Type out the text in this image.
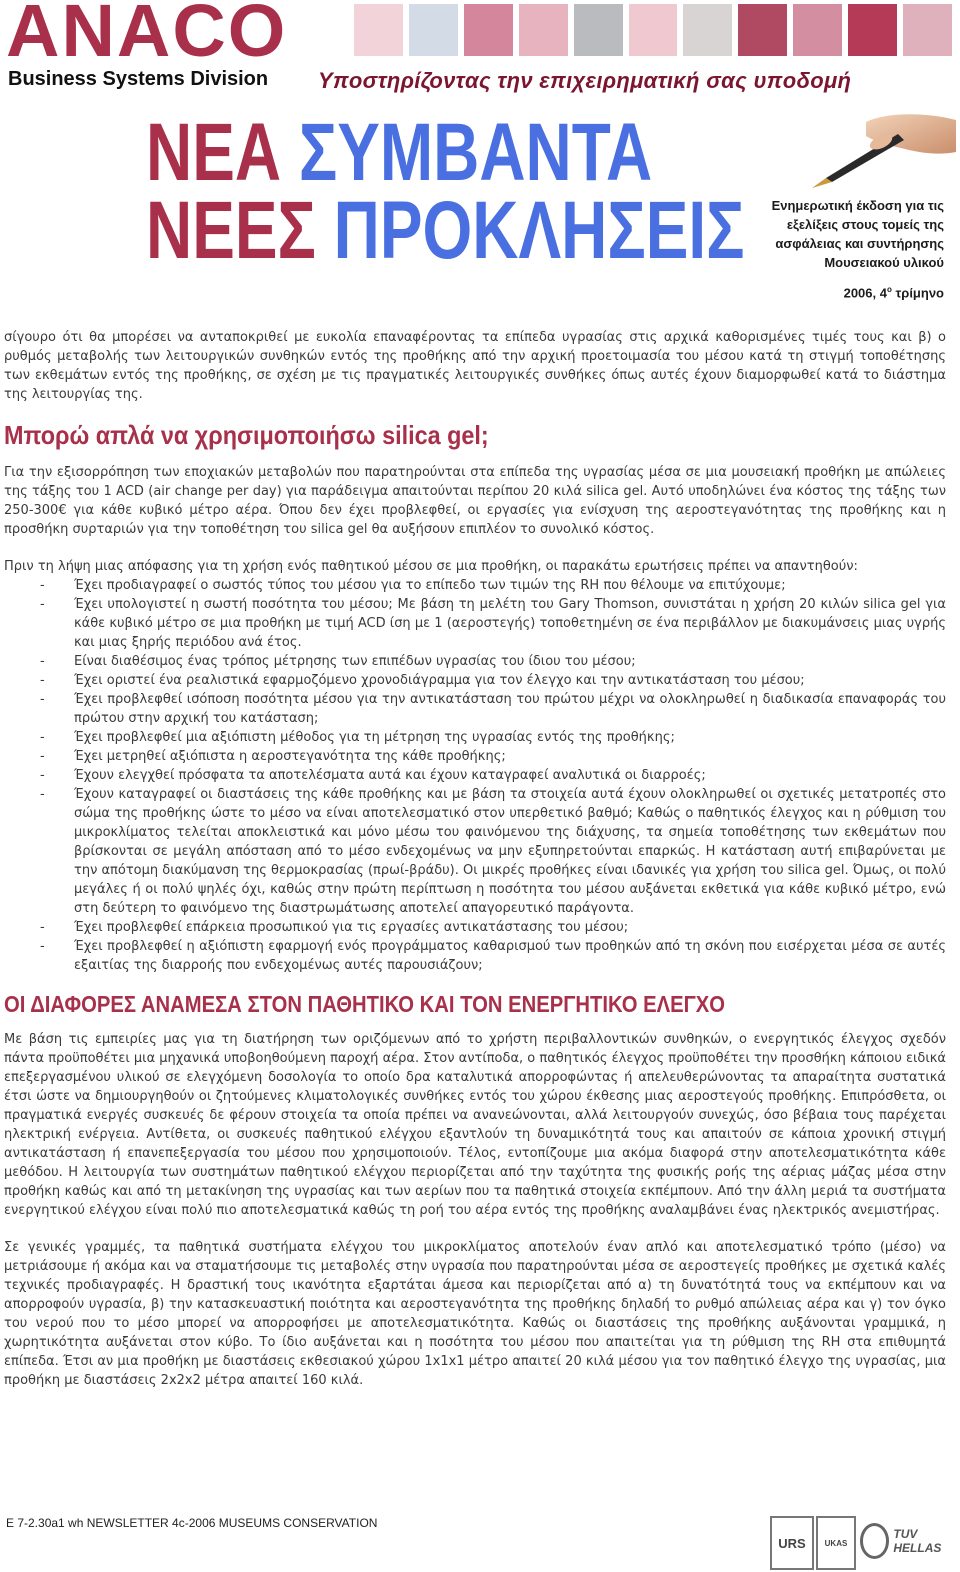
ANACO
Business Systems Division Υποστηρίζοντας την επιχειρηματική σας υποδομή
ΝΕΑ ΣΥΜΒΑΝΤΑ
ΝΕΕΣ ΠΡΟΚΛΗΣΕΙΣ	Ενημερωτική έκδοση για τις εξελίξεις στους τομείς της ασφάλειας και συντήρησης Μουσειακού υλικού
2006, $4^o$ τρίμηνο

σίγουρο ότι θα μπορέσει να ανταποκριθεί με ευκολία επαναφέροντας τα επίπεδα υγρασίας στις αρχικά καθορισμένες τιμές τους και β) ο ρυθμός μεταβολής των λειτουργικών συνθηκών εντός της προθήκης από την αρχική προετοιμασία του μέσου κατά τη στιγμή τοποθέτησης των εκθεμάτων εντός της προθήκης, σε σχέση με τις πραγματικές λειτουργικές συνθήκες όπως αυτές έχουν διαμορφωθεί κατά το διάστημα της λειτουργίας της.

Μπορώ απλά να χρησιμοποιήσω silica gel;

Για την εξισορρόπηση των εποχιακών μεταβολών που παρατηρούνται στα επίπεδα της υγρασίας μέσα σε μια μουσειακή προθήκη με απώλειες της τάξης του 1 ACD (air change per day) για παράδειγμα απαιτούνται περίπου 20 κιλά silica gel. Αυτό υποδηλώνει ένα κόστος της τάξης των 250-300€ για κάθε κυβικό μέτρο αέρα. Όπου δεν έχει προβλεφθεί, οι εργασίες για ενίσχυση της αεροστεγανότητας της προθήκης και η προσθήκη συρταριών για την τοποθέτηση του silica gel θα αυξήσουν επιπλέον το συνολικό κόστος.

Πριν τη λήψη μιας απόφασης για τη χρήση ενός παθητικού μέσου σε μια προθήκη, οι παρακάτω ερωτήσεις πρέπει να απαντηθούν:

- Έχει προδιαγραφεί ο σωστός τύπος του μέσου για το επίπεδο των τιμών της RH που θέλουμε να επιτύχουμε;
- Έχει υπολογιστεί η σωστή ποσότητα του μέσου; Με βάση τη μελέτη του Gary Thomson, συνιστάται η χρήση 20 κιλών silica gel για κάθε κυβικό μέτρο σε μια προθήκη με τιμή ACD ίση με 1 (αεροστεγής) τοποθετημένη σε ένα περιβάλλον με διακυμάνσεις μιας υγρής και μιας ξηρής περιόδου ανά έτος.
- Είναι διαθέσιμος ένας τρόπος μέτρησης των επιπέδων υγρασίας του ίδιου του μέσου;
- Έχει οριστεί ένα ρεαλιστικά εφαρμοζόμενο χρονοδιάγραμμα για τον έλεγχο και την αντικατάσταση του μέσου;
- Έχει προβλεφθεί ισόποση ποσότητα μέσου για την αντικατάσταση του πρώτου μέχρι να ολοκληρωθεί η διαδικασία επαναφοράς του πρώτου στην αρχική του κατάσταση;
- Έχει προβλεφθεί μια αξιόπιστη μέθοδος για τη μέτρηση της υγρασίας εντός της προθήκης;
- Έχει μετρηθεί αξιόπιστα η αεροστεγανότητα της κάθε προθήκης;
- Έχουν ελεγχθεί πρόσφατα τα αποτελέσματα αυτά και έχουν καταγραφεί αναλυτικά οι διαρροές;
- Έχουν καταγραφεί οι διαστάσεις της κάθε προθήκης και με βάση τα στοιχεία αυτά έχουν ολοκληρωθεί οι σχετικές μετατροπές στο σώμα της προθήκης ώστε το μέσο να είναι αποτελεσματικό στον υπερθετικό βαθμό; Καθώς ο παθητικός έλεγχος και η ρύθμιση του μικροκλίματος τελείται αποκλειστικά και μόνο μέσω του φαινόμενου της διάχυσης, τα σημεία τοποθέτησης των εκθεμάτων που βρίσκονται σε μεγάλη απόσταση από το μέσο ενδεχομένως να μην εξυπηρετούνται επαρκώς. Η κατάσταση αυτή επιβαρύνεται με την απότομη διακύμανση της θερμοκρασίας (πρωί-βράδυ). Οι μικρές προθήκες είναι ιδανικές για χρήση του silica gel. Όμως, οι πολύ μεγάλες ή οι πολύ ψηλές όχι, καθώς στην πρώτη περίπτωση η ποσότητα του μέσου αυξάνεται εκθετικά για κάθε κυβικό μέτρο, ενώ στη δεύτερη το φαινόμενο της διαστρωμάτωσης αποτελεί απαγορευτικό παράγοντα.
- Έχει προβλεφθεί επάρκεια προσωπικού για τις εργασίες αντικατάστασης του μέσου;
- Έχει προβλεφθεί η αξιόπιστη εφαρμογή ενός προγράμματος καθαρισμού των προθηκών από τη σκόνη που εισέρχεται μέσα σε αυτές εξαιτίας της διαρροής που ενδεχομένως αυτές παρουσιάζουν;
ΟΙ ΔΙΑΦΟΡΕΣ ΑΝΑΜΕΣΑ ΣΤΟΝ ΠΑΘΗΤΙΚΟ ΚΑΙ ΤΟΝ ΕΝΕΡΓΗΤΙΚΟ ΕΛΕΓΧΟ

Με βάση τις εμπειρίες μας για τη διατήρηση των οριζόμενων από το χρήστη περιβαλλοντικών συνθηκών, ο ενεργητικός έλεγχος σχεδόν πάντα προϋποθέτει μια μηχανικά υποβοηθούμενη παροχή αέρα. Στον αντίποδα, ο παθητικός έλεγχος προϋποθέτει την προσθήκη κάποιου ειδικά επεξεργασμένου υλικού σε ελεγχόμενη δοσολογία το οποίο δρα καταλυτικά απορροφώντας ή απελευθερώνοντας τα απαραίτητα συστατικά έτσι ώστε να δημιουργηθούν οι ζητούμενες κλιματολογικές συνθήκες εντός του χώρου έκθεσης μιας αεροστεγούς προθήκης. Επιπρόσθετα, οι πραγματικά ενεργές συσκευές δε φέρουν στοιχεία τα οποία πρέπει να ανανεώνονται, αλλά λειτουργούν συνεχώς, όσο βέβαια τους παρέχεται ηλεκτρική ενέργεια. Αντίθετα, οι συσκευές παθητικού ελέγχου εξαντλούν τη δυναμικότητά τους και απαιτούν σε κάποια χρονική στιγμή αντικατάσταση ή επανεπεξεργασία του μέσου που χρησιμοποιούν. Τέλος, εντοπίζουμε μια ακόμα διαφορά στην αποτελεσματικότητα κάθε μεθόδου. Η λειτουργία των συστημάτων παθητικού ελέγχου περιορίζεται από την ταχύτητα της φυσικής ροής της αέριας μάζας μέσα στην προθήκη καθώς και από τη μετακίνηση της υγρασίας και των αερίων που τα παθητικά στοιχεία εκπέμπουν. Από την άλλη μεριά τα συστήματα ενεργητικού ελέγχου είναι πολύ πιο αποτελεσματικά καθώς τη ροή του αέρα εντός της προθήκης αναλαμβάνει ένας ηλεκτρικός ανεμιστήρας.

Σε γενικές γραμμές, τα παθητικά συστήματα ελέγχου του μικροκλίματος αποτελούν έναν απλό και αποτελεσματικό τρόπο (μέσο) να μετριάσουμε ή ακόμα και να σταματήσουμε τις μεταβολές στην υγρασία που παρατηρούνται μέσα σε αεροστεγείς προθήκες με σχετικά καλές τεχνικές προδιαγραφές. Η δραστική τους ικανότητα εξαρτάται άμεσα και περιορίζεται από α) τη δυνατότητά τους να εκπέμπουν και να απορροφούν υγρασία, β) την κατασκευαστική ποιότητα και αεροστεγανότητα της προθήκης δηλαδή το ρυθμό απώλειας αέρα και γ) τον όγκο του νερού που το μέσο μπορεί να απορροφήσει με αποτελεσματικότητα. Καθώς οι διαστάσεις της προθήκης αυξάνονται γραμμικά, η χωρητικότητα αυξάνεται στον κύβο. Το ίδιο αυξάνεται και η ποσότητα του μέσου που απαιτείται για τη ρύθμιση της RH στα επιθυμητά επίπεδα. Έτσι αν μια προθήκη με διαστάσεις εκθεσιακού χώρου 1x1x1 μέτρο απαιτεί 20 κιλά μέσου για τον παθητικό έλεγχο της υγρασίας, μια προθήκη με διαστάσεις 2x2x2 μέτρα απαιτεί 160 κιλά.

E 7-2.30a1 wh NEWSLETTER 4c-2006 MUSEUMS CONSERVATION
URS	UKAS
TUV HELLAS
